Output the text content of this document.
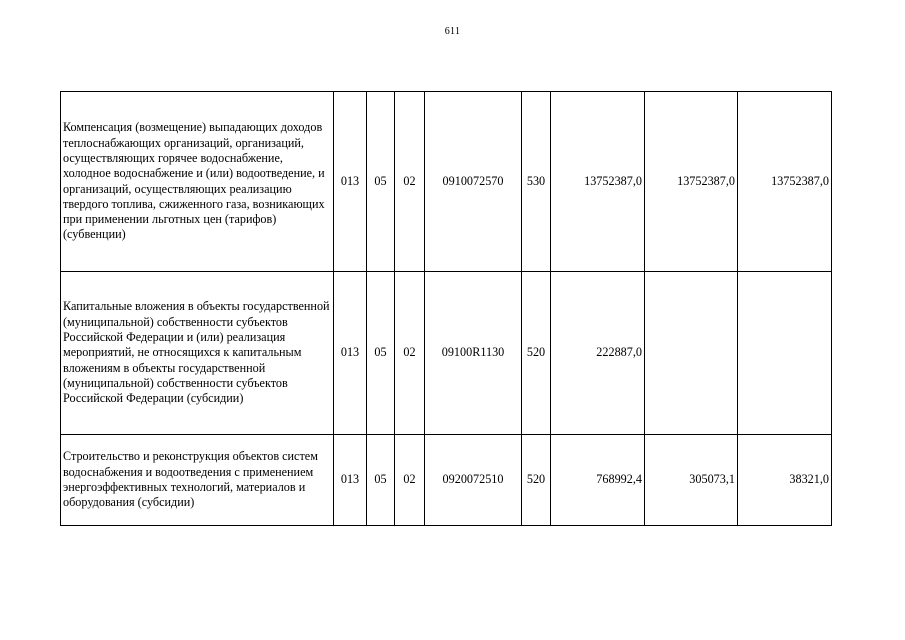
611
Компенсация (возмещение) выпадающих доходов теплоснабжающих организаций, организаций, осуществляющих горячее водоснабжение, холодное водоснабжение и (или) водоотведение, и организаций, осуществляющих реализацию твердого топлива, сжиженного газа, возникающих при применении льготных цен (тарифов) (субвенции)	013	05	02	0910072570	530	13752387,0	13752387,0	13752387,0
Капитальные вложения в объекты государственной (муниципальной) собственности субъектов Российской Федерации и (или) реализация мероприятий, не относящихся к капитальным вложениям в объекты государственной (муниципальной) собственности субъектов Российской Федерации (субсидии)	013	05	02	09100R1130	520	222887,0		
Строительство и реконструкция объектов систем водоснабжения и водоотведения с применением энергоэффективных технологий, материалов и оборудования (субсидии)	013	05	02	0920072510	520	768992,4	305073,1	38321,0
